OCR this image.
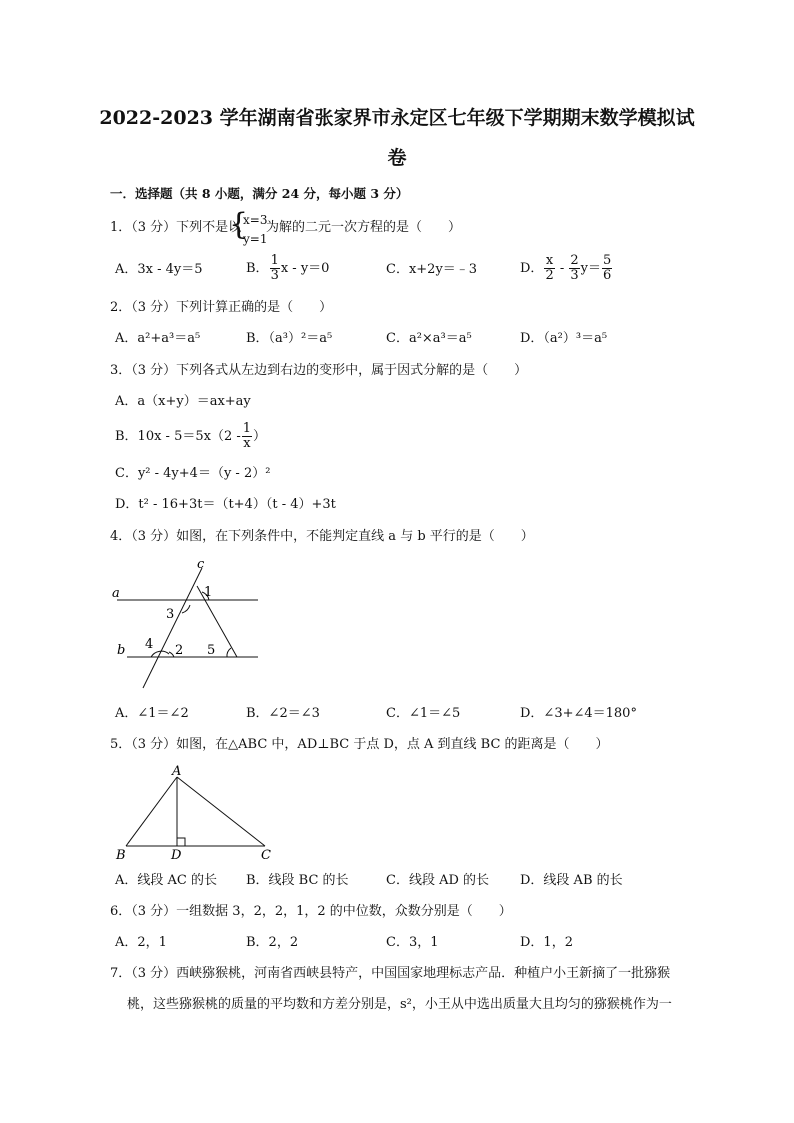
2022-2023 学年湖南省张家界市永定区七年级下学期期末数学模拟试
卷
一．选择题（共 8 小题，满分 24 分，每小题 3 分）
1．（3 分）下列不是以
{
x=3
y=1
为解的二元一次方程的是（　　）
A．3x - 4y＝5	B． $\frac{1}{3}$ x - y＝0	C．x+2y＝﹣3	D． $\frac{x}{2} - \frac{2}{3} y= \frac{5}{6}$
2．（3 分）下列计算正确的是（　　）
A．a²+a³＝a⁵	B．（a³）²＝a⁵	C．a²×a³＝a⁵	D．（a²）³＝a⁵
3．（3 分）下列各式从左边到右边的变形中，属于因式分解的是（　　）
A．a（x+y）＝ax+ay
B．$10x - 5=5x(2 - \frac{1}{x}$ ）
C．y² - 4y+4＝（y - 2）²
D．t² - 16+3t＝（t+4）（t - 4）+3t
4．（3 分）如图，在下列条件中，不能判定直线 a 与 b 平行的是（　　）
a
b
c
1
2
3
4	5
A．∠1＝∠2	B．∠2＝∠3	C．∠1＝∠5	D．∠3+∠4＝180°
5．（3 分）如图，在△ABC 中，AD⊥BC 于点 D，点 A 到直线 BC 的距离是（　　）
A
B	D	C
A．线段 AC 的长 B．线段 BC 的长	C．线段 AD 的长 D．线段 AB 的长
6．（3 分）一组数据 3，2，2，1，2 的中位数，众数分别是（　　）
A．2，1	B．2，2	C．3，1	D．1，2
7．（3 分）西峡猕猴桃，河南省西峡县特产，中国国家地理标志产品．种植户小王新摘了一批猕猴
桃，这些猕猴桃的质量的平均数和方差分别是，s²，小王从中选出质量大且均匀的猕猴桃作为一
